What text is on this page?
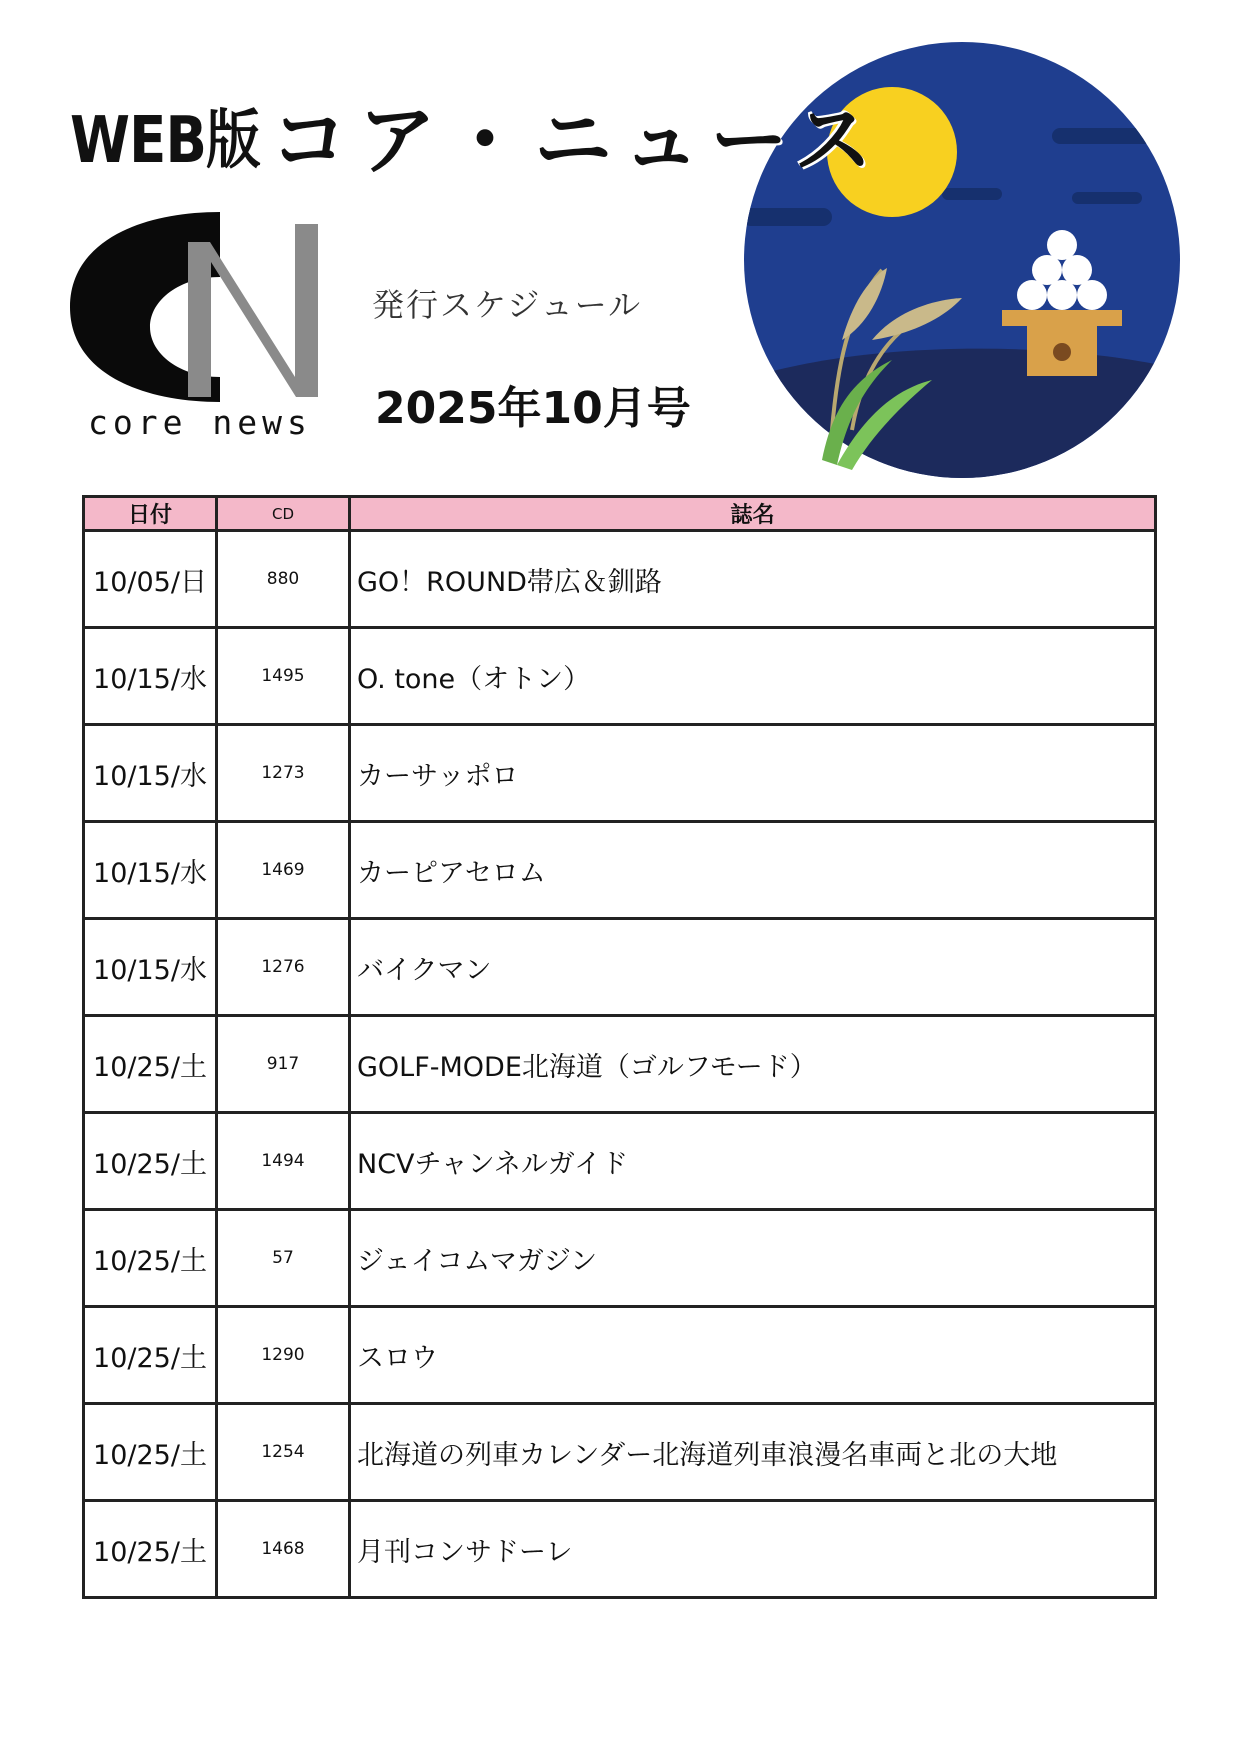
WEB版 コア・ニュース
core news
発行スケジュール
2025年10月号
日付	CD	誌名
10/05/日	880	GO！ROUND帯広＆釧路
10/15/水	1495	O. tone（オトン）
10/15/水	1273	カーサッポロ
10/15/水	1469	カーピアセロム
10/15/水	1276	バイクマン
10/25/土	917	GOLF-MODE北海道（ゴルフモード）
10/25/土	1494	NCVチャンネルガイド
10/25/土	57	ジェイコムマガジン
10/25/土	1290	スロウ
10/25/土	1254	北海道の列車カレンダー北海道列車浪漫名車両と北の大地
10/25/土	1468	月刊コンサドーレ
